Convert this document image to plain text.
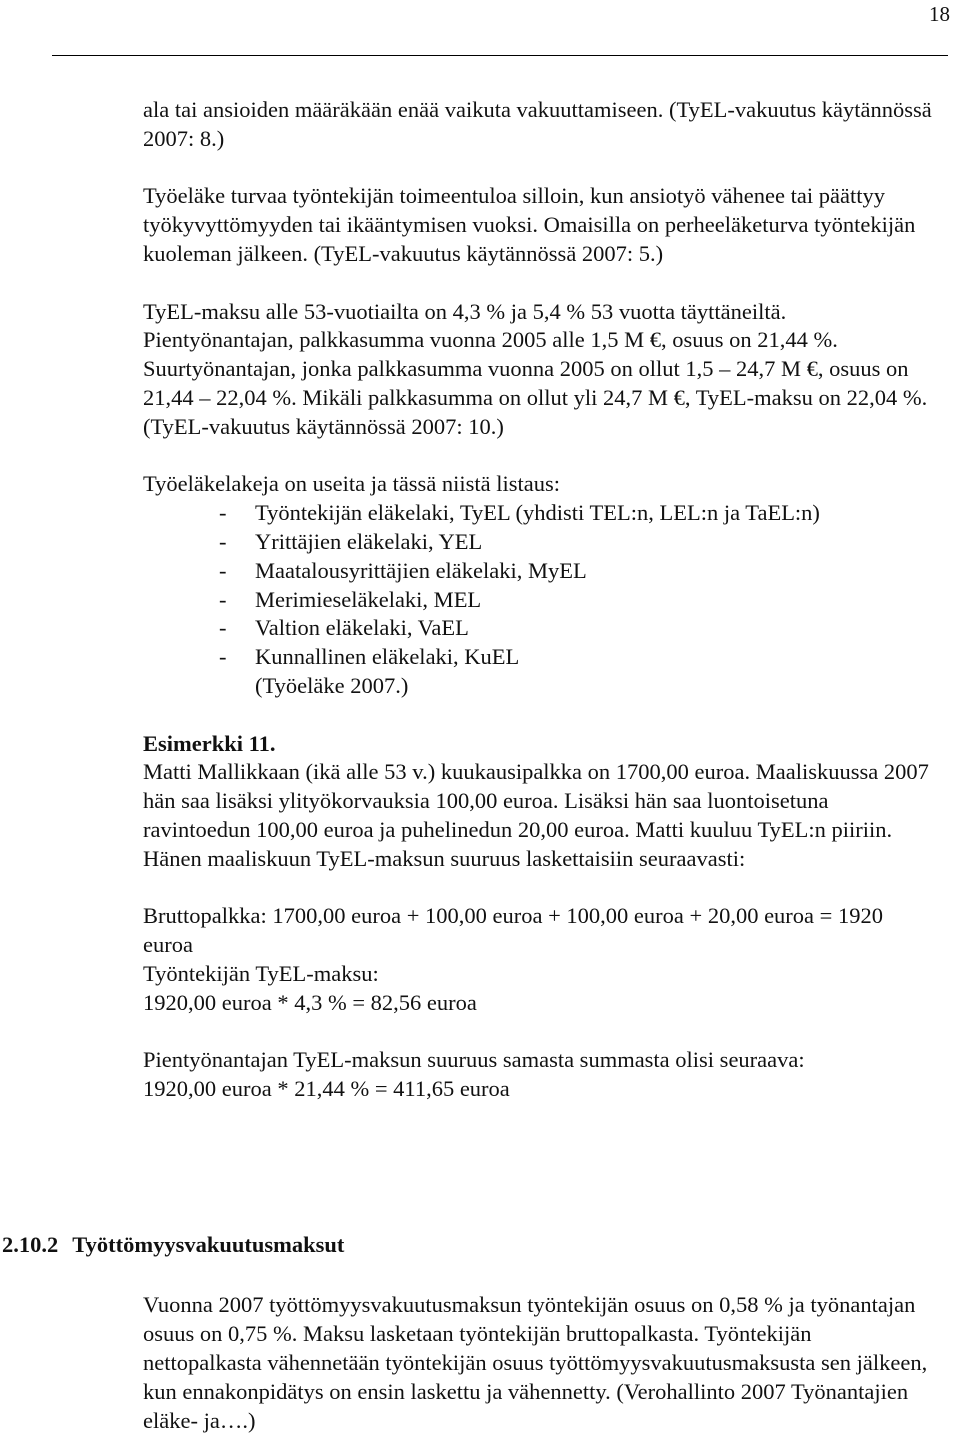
18

ala tai ansioiden määräkään enää vaikuta vakuuttamiseen. (TyEL-vakuutus käytännössä 2007: 8.)

Työeläke turvaa työntekijän toimeentuloa silloin, kun ansiotyö vähenee tai päättyy työkyvyttömyyden tai ikääntymisen vuoksi. Omaisilla on perheeläketurva työntekijän kuoleman jälkeen. (TyEL-vakuutus käytännössä 2007: 5.)

TyEL-maksu alle 53-vuotiailta on 4,3 % ja 5,4 % 53 vuotta täyttäneiltä. Pientyönantajan, palkkasumma vuonna 2005 alle 1,5 M €, osuus on 21,44 %. Suurtyönantajan, jonka palkkasumma vuonna 2005 on ollut 1,5 – 24,7 M €, osuus on 21,44 – 22,04 %. Mikäli palkkasumma on ollut yli 24,7 M €, TyEL-maksu on 22,04 %. (TyEL-vakuutus käytännössä 2007: 10.)

Työeläkelakeja on useita ja tässä niistä listaus:

- Työntekijän eläkelaki, TyEL (yhdisti TEL:n, LEL:n ja TaEL:n)
- Yrittäjien eläkelaki, YEL
- Maatalousyrittäjien eläkelaki, MyEL
- Merimieseläkelaki, MEL
- Valtion eläkelaki, VaEL
- Kunnallinen eläkelaki, KuEL

(Työeläke 2007.)

Esimerkki 11.

Matti Mallikkaan (ikä alle 53 v.) kuukausipalkka on 1700,00 euroa. Maaliskuussa 2007 hän saa lisäksi ylityökorvauksia 100,00 euroa. Lisäksi hän saa luontoisetuna ravintoedun 100,00 euroa ja puhelinedun 20,00 euroa. Matti kuuluu TyEL:n piiriin. Hänen maaliskuun TyEL-maksun suuruus laskettaisiin seuraavasti:

Bruttopalkka: 1700,00 euroa + 100,00 euroa + 100,00 euroa + 20,00 euroa = 1920 euroa

Työntekijän TyEL-maksu:

1920,00 euroa * 4,3 % = 82,56 euroa

Pientyönantajan TyEL-maksun suuruus samasta summasta olisi seuraava:

1920,00 euroa * 21,44 % = 411,65 euroa

2.10.2 Työttömyysvakuutusmaksut

Vuonna 2007 työttömyysvakuutusmaksun työntekijän osuus on 0,58 % ja työnantajan osuus on 0,75 %. Maksu lasketaan työntekijän bruttopalkasta. Työntekijän nettopalkasta vähennetään työntekijän osuus työttömyysvakuutusmaksusta sen jälkeen, kun ennakonpidätys on ensin laskettu ja vähennetty. (Verohallinto 2007 Työnantajien eläke- ja….)
